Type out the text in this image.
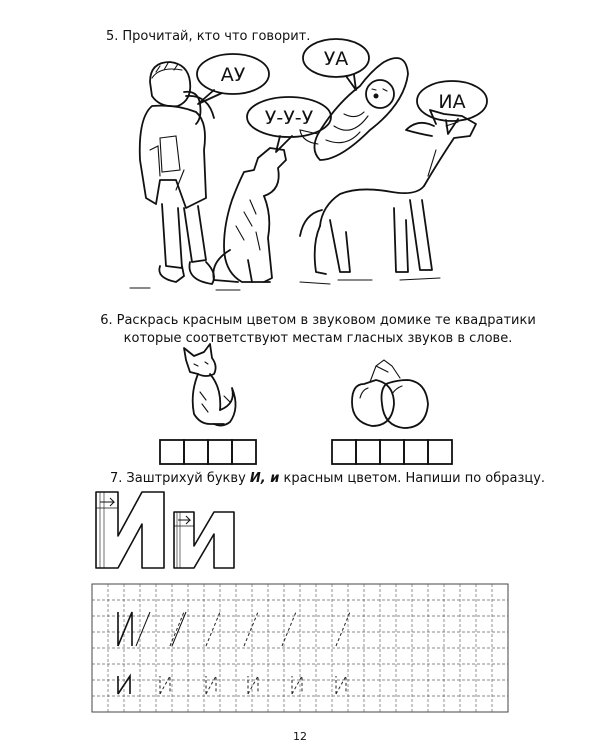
5. Прочитай, кто что говорит.
6. Раскрась красным цветом в звуковом домике те квадратики
которые соответствуют местам гласных звуков в слове.
7. Заштрихуй букву И, и красным цветом. Напиши по образцу.
12
АУ
У-У-У
УА
ИА
